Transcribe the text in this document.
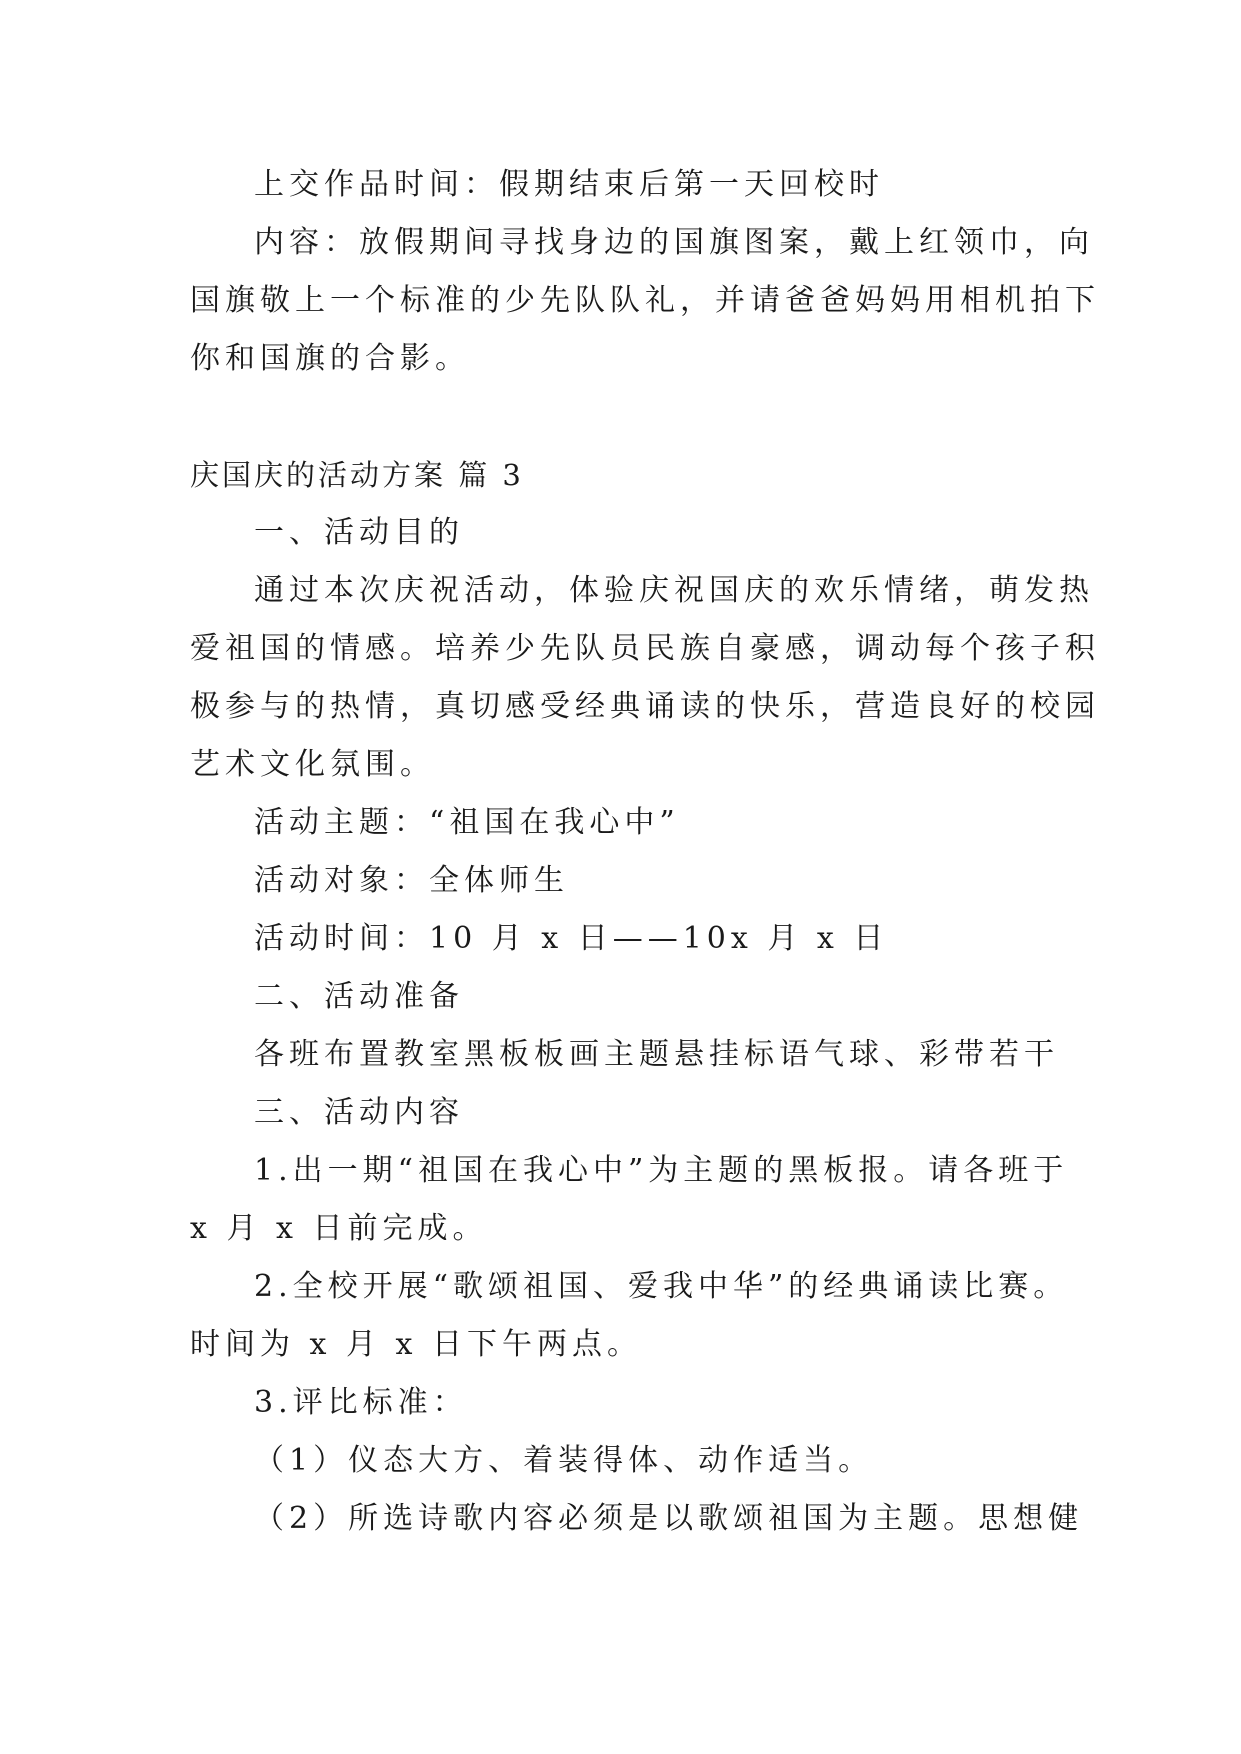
上交作品时间：假期结束后第一天回校时
内容：放假期间寻找身边的国旗图案，戴上红领巾，向
国旗敬上一个标准的少先队队礼，并请爸爸妈妈用相机拍下
你和国旗的合影。
庆国庆的活动方案 篇 3
一、活动目的
通过本次庆祝活动，体验庆祝国庆的欢乐情绪，萌发热
爱祖国的情感。培养少先队员民族自豪感，调动每个孩子积
极参与的热情，真切感受经典诵读的快乐，营造良好的校园
艺术文化氛围。
活动主题：“祖国在我心中”
活动对象：全体师生
活动时间：10 月 x 日——10x 月 x 日
二、活动准备
各班布置教室黑板板画主题悬挂标语气球、彩带若干
三、活动内容
1.出一期“祖国在我心中”为主题的黑板报。请各班于
x 月 x 日前完成。
2.全校开展“歌颂祖国、爱我中华”的经典诵读比赛。
时间为 x 月 x 日下午两点。
3.评比标准：
（1）仪态大方、着装得体、动作适当。
（2）所选诗歌内容必须是以歌颂祖国为主题。思想健
